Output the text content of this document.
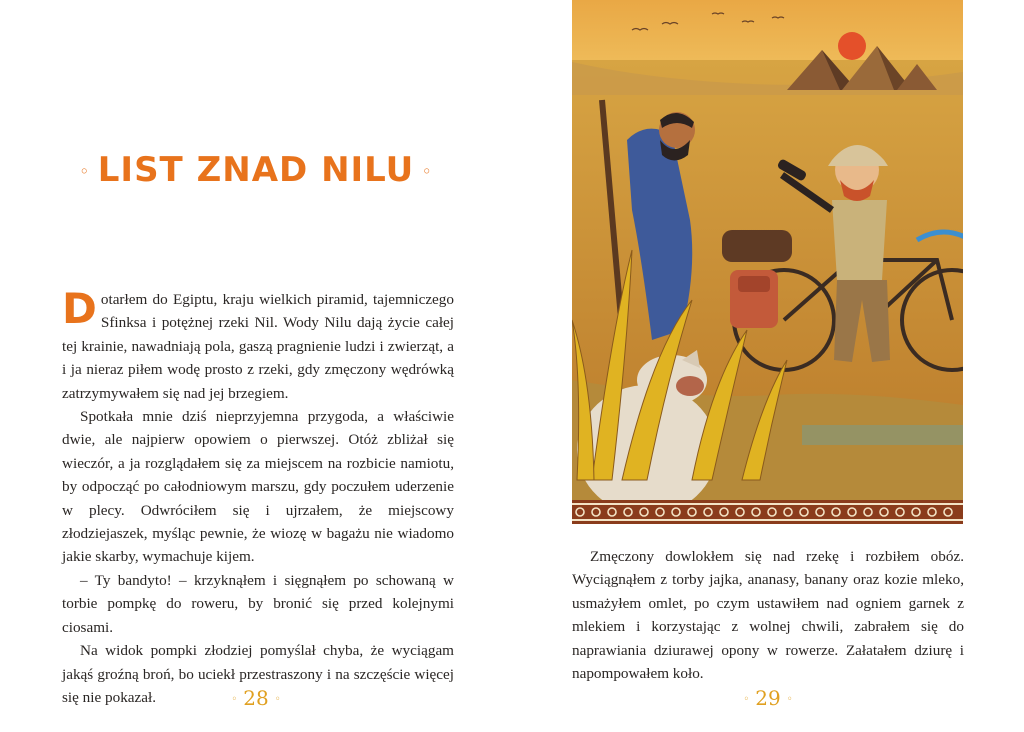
◦ LIST ZNAD NILU ◦

Dotarłem do Egiptu, kraju wielkich piramid, tajemniczego Sfinksa i potężnej rzeki Nil. Wody Nilu dają życie całej tej krainie, nawadniają pola, gaszą pragnienie ludzi i zwierząt, a i ja nieraz piłem wodę prosto z rzeki, gdy zmęczony wędrówką zatrzymywałem się nad jej brzegiem.

Spotkała mnie dziś nieprzyjemna przygoda, a właściwie dwie, ale najpierw opowiem o pierwszej. Otóż zbliżał się wieczór, a ja rozglądałem się za miejscem na rozbicie namiotu, by odpocząć po całodniowym marszu, gdy poczułem uderzenie w plecy. Odwróciłem się i ujrzałem, że miejscowy złodziejaszek, myśląc pewnie, że wiozę w bagażu nie wiadomo jakie skarby, wymachuje kijem.

– Ty bandyto! – krzyknąłem i sięgnąłem po schowaną w torbie pompkę do roweru, by bronić się przed kolejnymi ciosami.

Na widok pompki złodziej pomyślał chyba, że wyciągam jakąś groźną broń, bo uciekł przestraszony i na szczęście więcej się nie pokazał.	◦ 28 ◦

Zmęczony dowlokłem się nad rzekę i rozbiłem obóz. Wyciągnąłem z torby jajka, ananasy, banany oraz kozie mleko, usmażyłem omlet, po czym ustawiłem nad ogniem garnek z mlekiem i korzystając z wolnej chwili, zabrałem się do naprawiania dziurawej opony w rowerze. Załatałem dziurę i napompowałem koło.

◦ 29 ◦
